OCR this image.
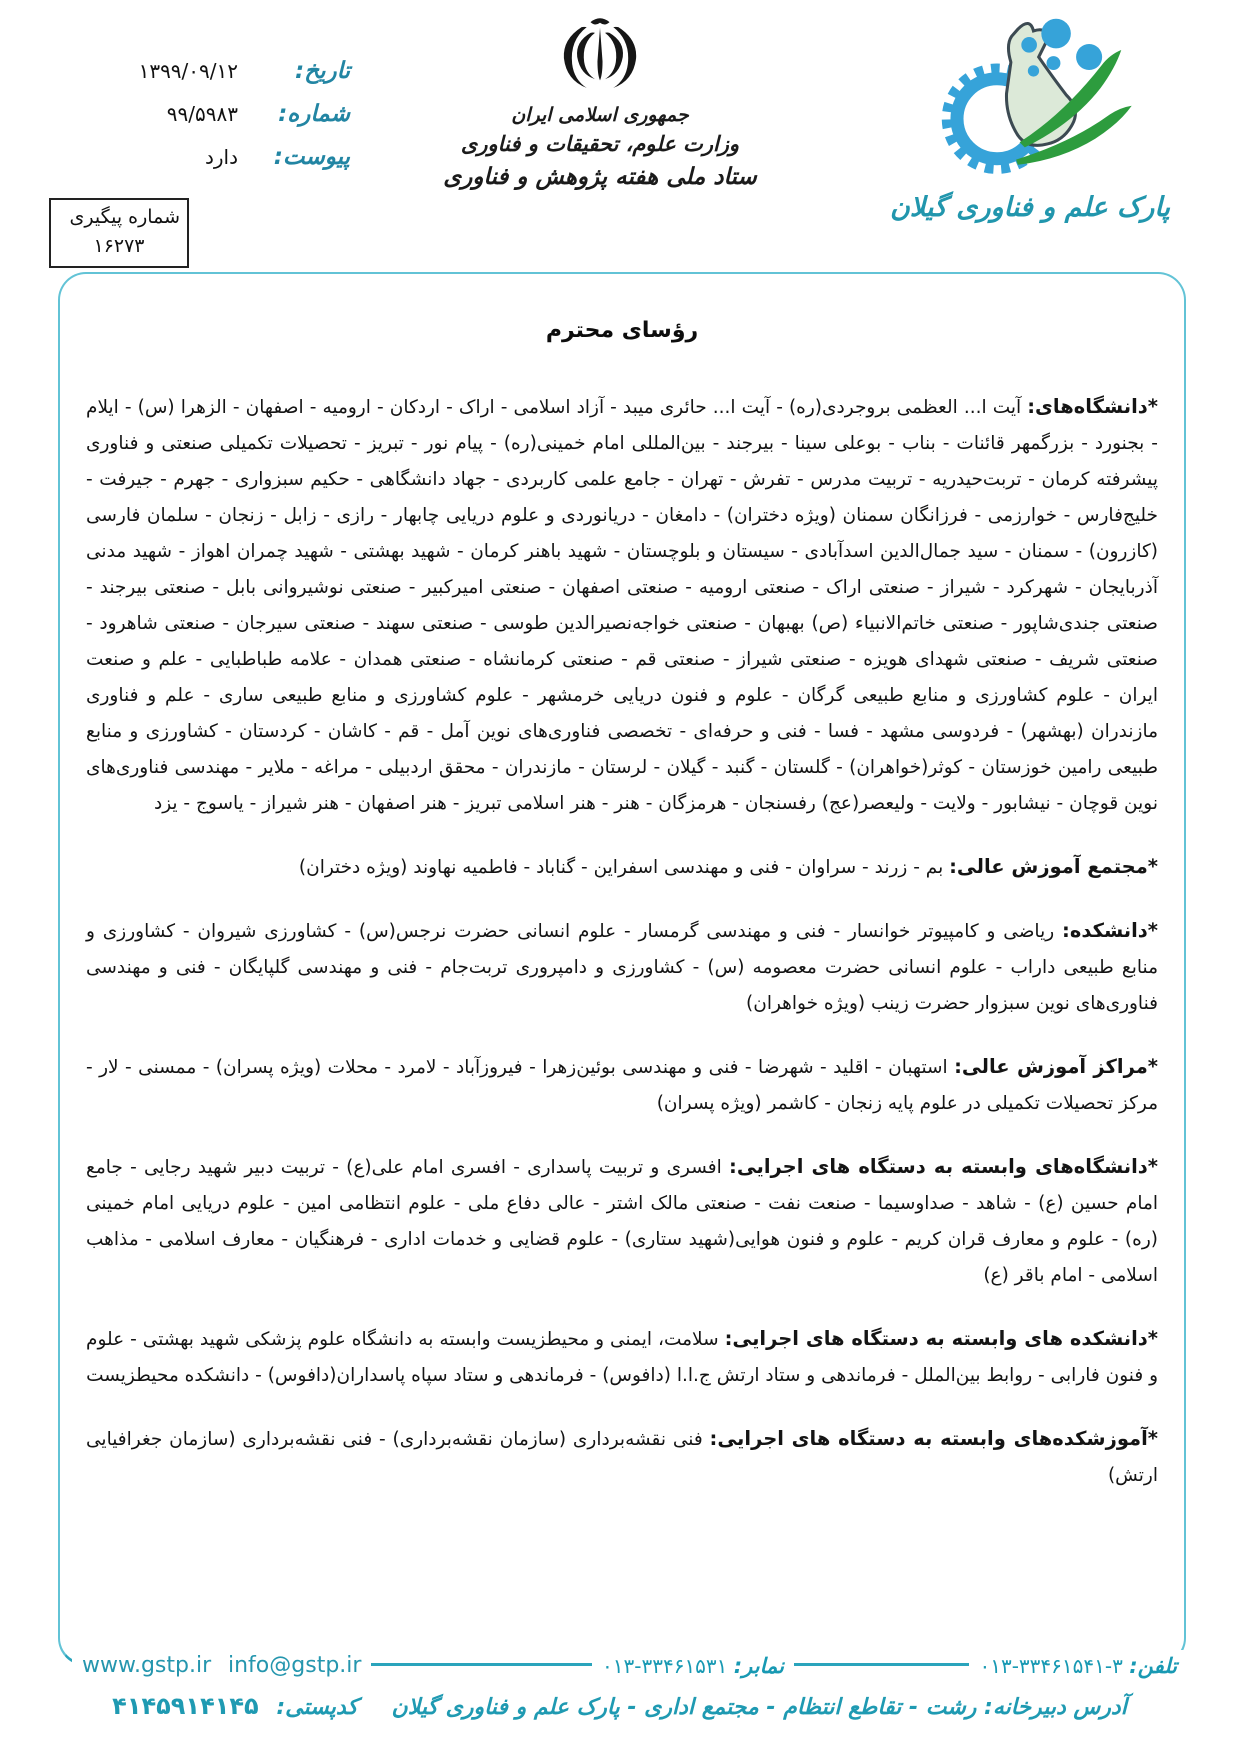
تاریخ:
۱۳۹۹/۰۹/۱۲
شماره:
۹۹/۵۹۸۳
پیوست:
دارد
شماره پیگیری
۱۶۲۷۳
جمهوری اسلامی ایران
وزارت علوم، تحقیقات و فناوری
ستاد ملی هفته پژوهش و فناوری
پارک علم و فناوری گیلان
رؤسای محترم

*دانشگاه‌های: آیت ا... العظمی بروجردی(ره) - آیت ا... حائری میبد - آزاد اسلامی - اراک - اردکان - ارومیه - اصفهان - الزهرا (س) - ایلام - بجنورد - بزرگمهر قائنات - بناب - بوعلی سینا - بیرجند - بین‌المللی امام خمینی(ره) - پیام نور - تبریز - تحصیلات تکمیلی صنعتی و فناوری پیشرفته کرمان - تربت‌حیدریه - تربیت مدرس - تفرش - تهران - جامع علمی کاربردی - جهاد دانشگاهی - حکیم سبزواری - جهرم - جیرفت - خلیج‌فارس - خوارزمی - فرزانگان سمنان (ویژه دختران) - دامغان - دریانوردی و علوم دریایی چابهار - رازی - زابل - زنجان - سلمان فارسی (کازرون) - سمنان - سید جمال‌الدین اسدآبادی - سیستان و بلوچستان - شهید باهنر کرمان - شهید بهشتی - شهید چمران اهواز - شهید مدنی آذربایجان - شهرکرد - شیراز - صنعتی اراک - صنعتی ارومیه - صنعتی اصفهان - صنعتی امیرکبیر - صنعتی نوشیروانی بابل - صنعتی بیرجند - صنعتی جندی‌شاپور - صنعتی خاتم‌الانبیاء (ص) بهبهان - صنعتی خواجه‌نصیرالدین طوسی - صنعتی سهند - صنعتی سیرجان - صنعتی شاهرود - صنعتی شریف - صنعتی شهدای هویزه - صنعتی شیراز - صنعتی قم - صنعتی کرمانشاه - صنعتی همدان - علامه طباطبایی - علم و صنعت ایران - علوم کشاورزی و منابع طبیعی گرگان - علوم و فنون دریایی خرمشهر - علوم کشاورزی و منابع طبیعی ساری - علم و فناوری مازندران (بهشهر) - فردوسی مشهد - فسا - فنی و حرفه‌ای - تخصصی فناوری‌های نوین آمل - قم - کاشان - کردستان - کشاورزی و منابع طبیعی رامین خوزستان - کوثر(خواهران) - گلستان - گنبد - گیلان - لرستان - مازندران - محقق اردبیلی - مراغه - ملایر - مهندسی فناوری‌های نوین قوچان - نیشابور - ولایت - ولیعصر(عج) رفسنجان - هرمزگان - هنر - هنر اسلامی تبریز - هنر اصفهان - هنر شیراز - یاسوج - یزد

*مجتمع آموزش عالی: بم - زرند - سراوان - فنی و مهندسی اسفراین - گناباد - فاطمیه نهاوند (ویژه دختران)

*دانشکده: ریاضی و کامپیوتر خوانسار - فنی و مهندسی گرمسار - علوم انسانی حضرت نرجس(س) - کشاورزی شیروان - کشاورزی و منابع طبیعی داراب - علوم انسانی حضرت معصومه (س) - کشاورزی و دامپروری تربت‌جام - فنی و مهندسی گلپایگان - فنی و مهندسی فناوری‌های نوین سبزوار حضرت زینب (ویژه خواهران)

*مراکز آموزش عالی: استهبان - اقلید - شهرضا - فنی و مهندسی بوئین‌زهرا - فیروزآباد - لامرد - محلات (ویژه پسران) - ممسنی - لار - مرکز تحصیلات تکمیلی در علوم پایه زنجان - کاشمر (ویژه پسران)

*دانشگاه‌های وابسته به دستگاه های اجرایی: افسری و تربیت پاسداری - افسری امام علی(ع) - تربیت دبیر شهید رجایی - جامع امام حسین (ع) - شاهد - صداوسیما - صنعت نفت - صنعتی مالک اشتر - عالی دفاع ملی - علوم انتظامی امین - علوم دریایی امام خمینی (ره) - علوم و معارف قران کریم - علوم و فنون هوایی(شهید ستاری) - علوم قضایی و خدمات اداری - فرهنگیان - معارف اسلامی - مذاهب اسلامی - امام باقر (ع)

*دانشکده های وابسته به دستگاه های اجرایی: سلامت، ایمنی و محیطزیست وابسته به دانشگاه علوم پزشکی شهید بهشتی - علوم و فنون فارابی - روابط بین‌الملل - فرماندهی و ستاد ارتش ج.ا.ا (دافوس) - فرماندهی و ستاد سپاه پاسداران(دافوس) - دانشکده محیطزیست

*آموزشکده‌های وابسته به دستگاه های اجرایی: فنی نقشه‌برداری (سازمان نقشه‌برداری) - فنی نقشه‌برداری (سازمان جغرافیایی ارتش)

تلفن: ۳-۳۳۴۶۱۵۴۱-۰۱۳
نمابر: ۰۱۳-۳۳۴۶۱۵۳۱
info@gstp.ir
www.gstp.ir
آدرس دبیرخانه: رشت - تقاطع انتظام - مجتمع اداری - پارک علم و فناوری گیلان کدپستی: ۴۱۴۵۹۱۴۱۴۵
